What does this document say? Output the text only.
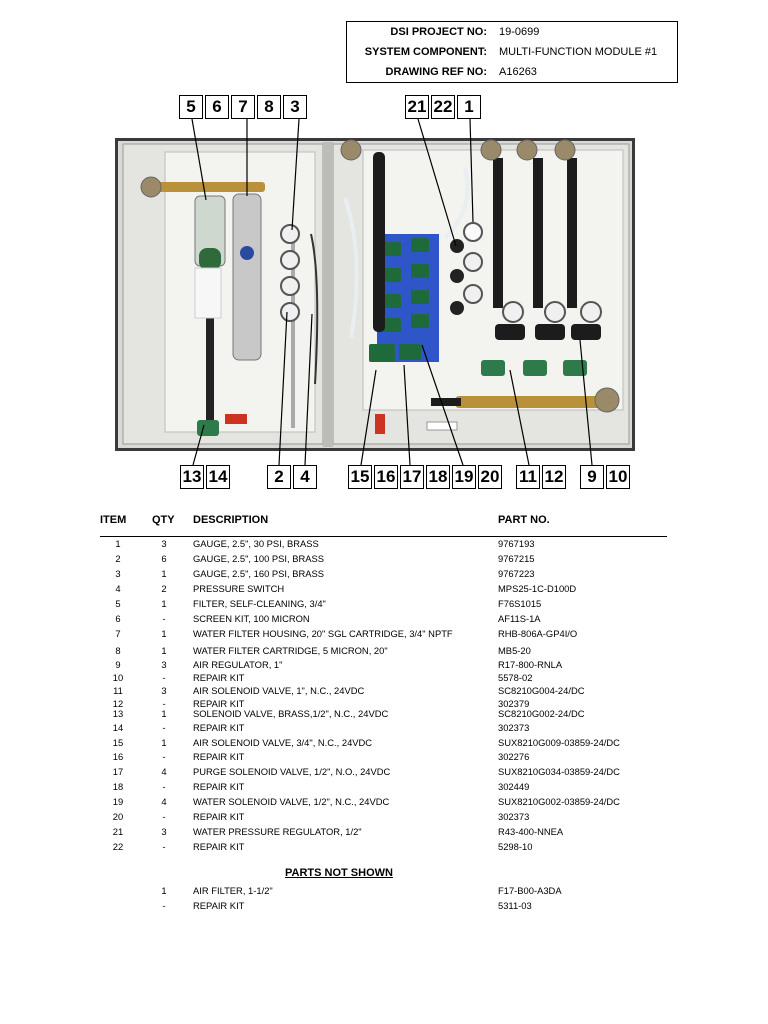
DSI PROJECT NO: 19-0699
SYSTEM COMPONENT: MULTI-FUNCTION MODULE #1
DRAWING REF NO: A16263
5 6 7 8 3	21 22 1
13 14	2 4	15 16 17 18 19 20 11 12	9 10
ITEM QTY DESCRIPTION	PART NO.
1	3	GAUGE, 2.5", 30 PSI, BRASS	9767193
2	6	GAUGE, 2.5", 100 PSI, BRASS	9767215
3	1	GAUGE, 2.5", 160 PSI, BRASS	9767223
4	2	PRESSURE SWITCH	MPS25-1C-D100D
5	1	FILTER, SELF-CLEANING, 3/4"	F76S1015
6	-	SCREEN KIT, 100 MICRON	AF11S-1A
7	1	WATER FILTER HOUSING, 20" SGL CARTRIDGE, 3/4" NPTF	RHB-806A-GP4I/O
8	1	WATER FILTER CARTRIDGE, 5 MICRON, 20"	MB5-20
9	3	AIR REGULATOR, 1"	R17-800-RNLA
10	-	REPAIR KIT	5578-02
11	3	AIR SOLENOID VALVE, 1", N.C., 24VDC	SC8210G004-24/DC
12	-	REPAIR KIT	302379
13	1	SOLENOID VALVE, BRASS,1/2", N.C., 24VDC	SC8210G002-24/DC
14	-	REPAIR KIT	302373
15	1	AIR SOLENOID VALVE, 3/4", N.C., 24VDC	SUX8210G009-03859-24/DC
16	-	REPAIR KIT	302276
17	4	PURGE SOLENOID VALVE, 1/2", N.O., 24VDC	SUX8210G034-03859-24/DC
18	-	REPAIR KIT	302449
19	4	WATER SOLENOID VALVE, 1/2", N.C., 24VDC	SUX8210G002-03859-24/DC
20	-	REPAIR KIT	302373
21	3	WATER PRESSURE REGULATOR, 1/2"	R43-400-NNEA
22	-	REPAIR KIT	5298-10
PARTS NOT SHOWN
1	AIR FILTER, 1-1/2"	F17-B00-A3DA
-	REPAIR KIT	5311-03
